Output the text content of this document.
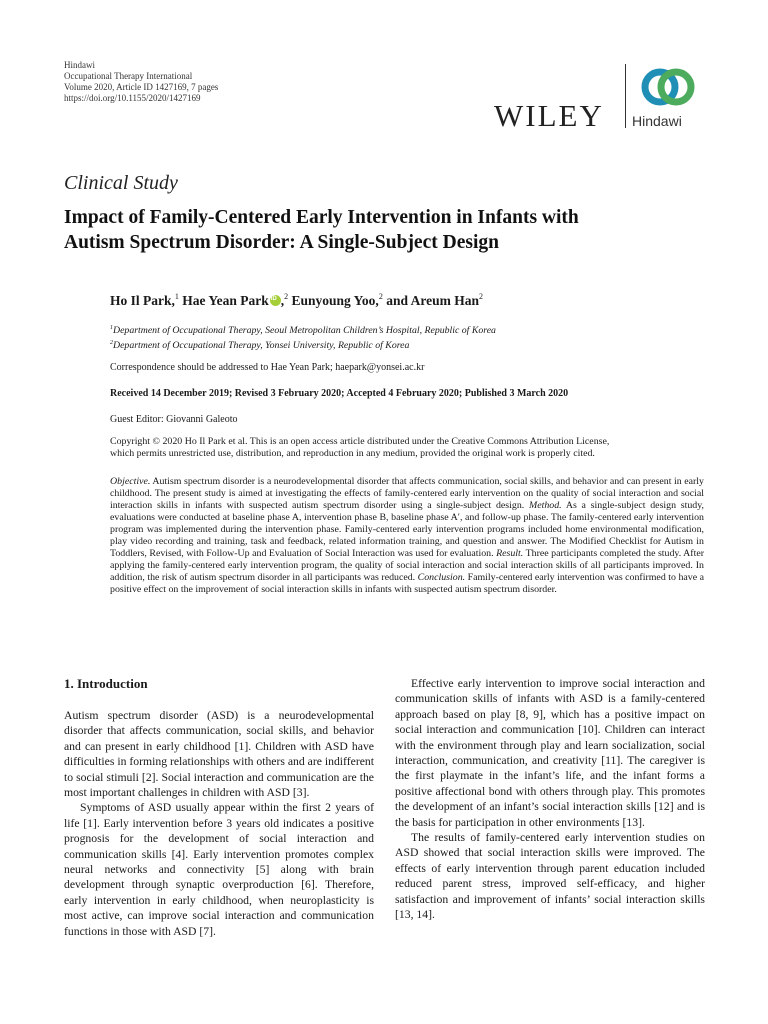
Hindawi
Occupational Therapy International
Volume 2020, Article ID 1427169, 7 pages
https://doi.org/10.1155/2020/1427169	WILEY Hindawi
Clinical Study
Impact of Family-Centered Early Intervention in Infants with
Autism Spectrum Disorder: A Single-Subject Design
Ho Il Park,$^1$ Hae Yean ParkiD ,$^2$ Eunyoung Yoo,$^2$ and Areum Han$^2$
$^1$Department of Occupational Therapy, Seoul Metropolitan Children’s Hospital, Republic of Korea
$^2$Department of Occupational Therapy, Yonsei University, Republic of Korea
Correspondence should be addressed to Hae Yean Park; haepark@yonsei.ac.kr
Received 14 December 2019; Revised 3 February 2020; Accepted 4 February 2020; Published 3 March 2020
Guest Editor: Giovanni Galeoto
Copyright © 2020 Ho Il Park et al. This is an open access article distributed under the Creative Commons Attribution License,
which permits unrestricted use, distribution, and reproduction in any medium, provided the original work is properly cited.
Objective. Autism spectrum disorder is a neurodevelopmental disorder that affects communication, social skills, and behavior and can present in early childhood. The present study is aimed at investigating the effects of family-centered early intervention on the quality of social interaction and social interaction skills in infants with suspected autism spectrum disorder using a single-subject design. Method. As a single-subject design study, evaluations were conducted at baseline phase A, intervention phase B, baseline phase A′, and follow-up phase. The family-centered early intervention program was implemented during the intervention phase. Family-centered early intervention programs included home environmental modification, play video recording and training, task and feedback, related information training, and question and answer. The Modified Checklist for Autism in Toddlers, Revised, with Follow-Up and Evaluation of Social Interaction was used for evaluation. Result. Three participants completed the study. After applying the family-centered early intervention program, the quality of social interaction and social interaction skills of all participants improved. In addition, the risk of autism spectrum disorder in all participants was reduced. Conclusion. Family-centered early intervention was confirmed to have a positive effect on the improvement of social interaction skills in infants with suspected autism spectrum disorder.
1. Introduction

Autism spectrum disorder (ASD) is a neurodevelopmental disorder that affects communication, social skills, and behavior and can present in early childhood [1]. Children with ASD have difficulties in forming relationships with others and are indifferent to social stimuli [2]. Social interaction and communication are the most important challenges in children with ASD [3].

Symptoms of ASD usually appear within the first 2 years of life [1]. Early intervention before 3 years old indicates a positive prognosis for the development of social interaction and communication skills [4]. Early intervention promotes complex neural networks and connectivity [5] along with brain development through synaptic overproduction [6]. Therefore, early intervention in early childhood, when neuroplasticity is most active, can improve social interaction and communication functions in those with ASD [7].

Effective early intervention to improve social interaction and communication skills of infants with ASD is a family-centered approach based on play [8, 9], which has a positive impact on social interaction and communication [10]. Children can interact with the environment through play and learn socialization, social interaction, communication, and creativity [11]. The caregiver is the first playmate in the infant’s life, and the infant forms a positive affectional bond with others through play. This promotes the development of an infant’s social interaction skills [12] and is the basis for participation in other environments [13].

The results of family-centered early intervention studies on ASD showed that social interaction skills were improved. The effects of early intervention through parent education included reduced parent stress, improved self-efficacy, and higher satisfaction and improvement of infants’ social interaction skills [13, 14].
